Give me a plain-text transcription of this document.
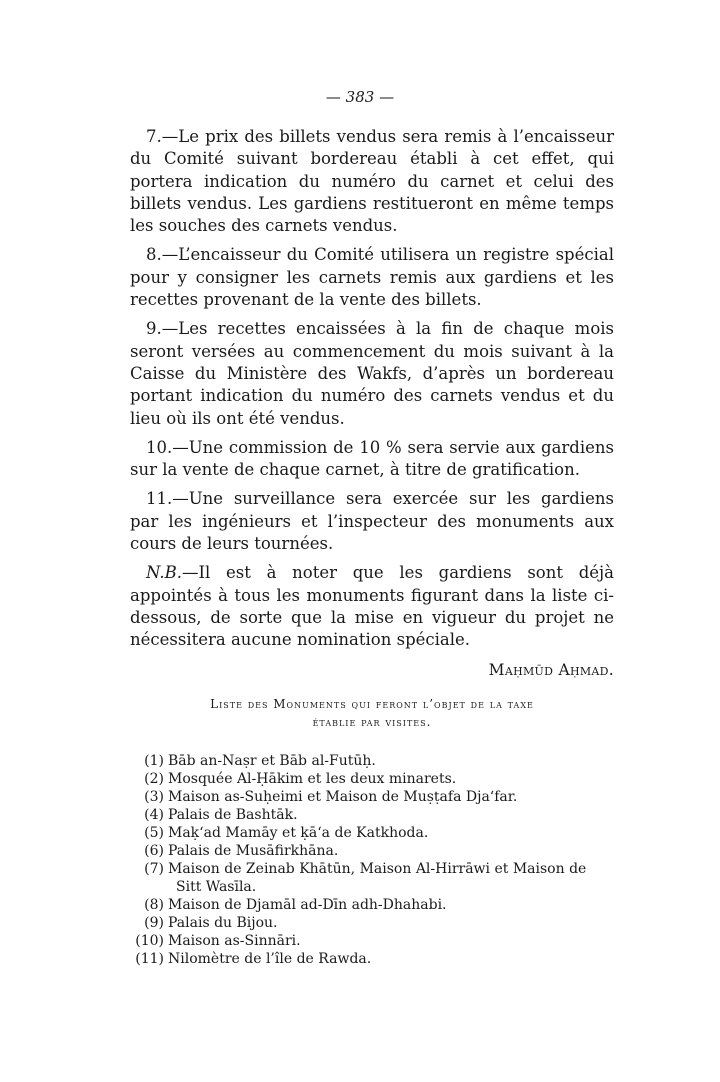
— 383 —

7.—Le prix des billets vendus sera remis à l’encaisseur du Comité suivant bordereau établi à cet effet, qui portera indication du numéro du carnet et celui des billets vendus. Les gardiens restitueront en même temps les souches des carnets vendus.

8.—L’encaisseur du Comité utilisera un registre spécial pour y consigner les carnets remis aux gardiens et les recettes provenant de la vente des billets.

9.—Les recettes encaissées à la fin de chaque mois seront versées au commencement du mois suivant à la Caisse du Ministère des Wakfs, d’après un bordereau portant indication du numéro des carnets vendus et du lieu où ils ont été vendus.

10.—Une commission de 10 % sera servie aux gardiens sur la vente de chaque carnet, à titre de gratification.

11.—Une surveillance sera exercée sur les gardiens par les ingénieurs et l’inspecteur des monuments aux cours de leurs tournées.

N.B.—Il est à noter que les gardiens sont déjà appointés à tous les monuments figurant dans la liste ci-dessous, de sorte que la mise en vigueur du projet ne nécessitera aucune nomination spéciale.

Maḥmūd Aḥmad.
Liste des Monuments qui feront l’objet de la taxe
établie par visites.
(1) Bāb an-Naṣr et Bāb al-Futūḥ.
(2) Mosquée Al-Ḥākim et les deux minarets.
(3) Maison as-Suḥeimi et Maison de Muṣṭafa Dja‘far.
(4) Palais de Bashtāk.
(5) Maḳ‘ad Mamāy et ḳā‘a de Katkhoda.
(6) Palais de Musāfirkhāna.
(7) Maison de Zeinab Khātūn, Maison Al-Hirrāwi et Maison de
Sitt Wasīla.
(8) Maison de Djamāl ad-Dīn adh-Dhahabi.
(9) Palais du Bijou.
(10) Maison as-Sinnāri.
(11) Nilomètre de l’île de Rawda.
